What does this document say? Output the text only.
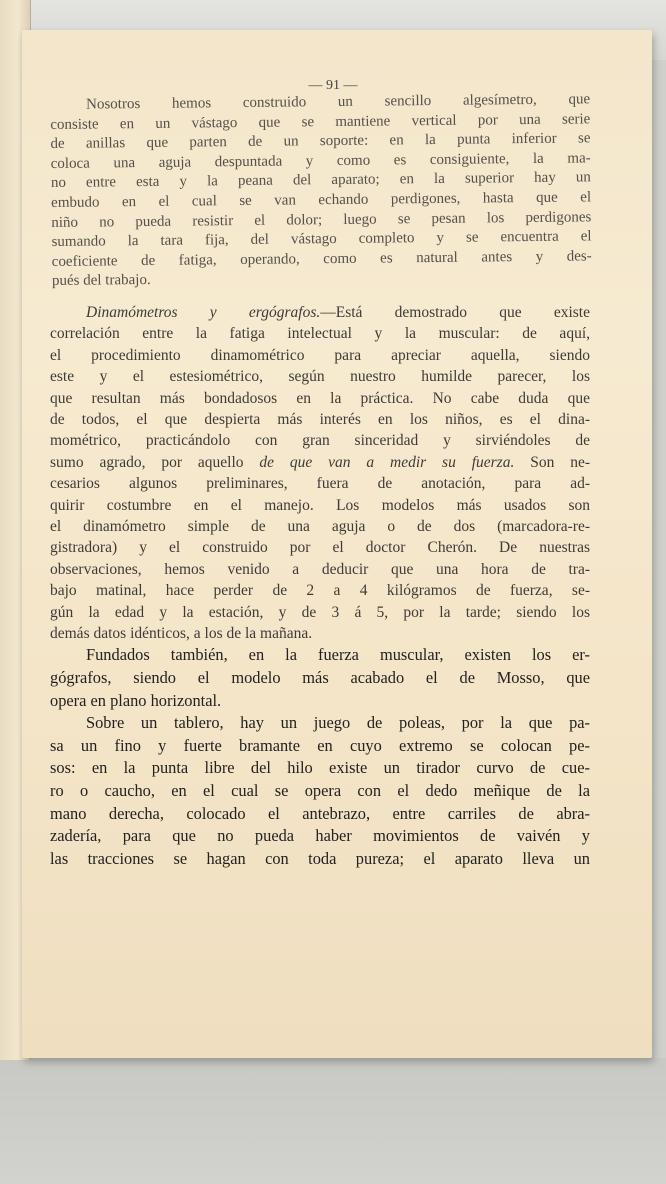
— 91 —
Nosotros hemos construido un sencillo algesímetro, que
consiste en un vástago que se mantiene vertical por una serie
de anillas que parten de un soporte: en la punta inferior se
coloca una aguja despuntada y como es consiguiente, la ma-
no entre esta y la peana del aparato; en la superior hay un
embudo en el cual se van echando perdigones, hasta que el
niño no pueda resistir el dolor; luego se pesan los perdigones
sumando la tara fija, del vástago completo y se encuentra el
coeficiente de fatiga, operando, como es natural antes y des-
pués del trabajo.
Dinamómetros y ergógrafos.—Está demostrado que existe
correlación entre la fatiga intelectual y la muscular: de aquí,
el procedimiento dinamométrico para apreciar aquella, siendo
este y el estesiométrico, según nuestro humilde parecer, los
que resultan más bondadosos en la práctica. No cabe duda que
de todos, el que despierta más interés en los niños, es el dina-
mométrico, practicándolo con gran sinceridad y sirviéndoles de
sumo agrado, por aquello de que van a medir su fuerza. Son ne-
cesarios algunos preliminares, fuera de anotación, para ad-
quirir costumbre en el manejo. Los modelos más usados son
el dinamómetro simple de una aguja o de dos (marcadora-re-
gistradora) y el construido por el doctor Cherón. De nuestras
observaciones, hemos venido a deducir que una hora de tra-
bajo matinal, hace perder de 2 a 4 kilógramos de fuerza, se-
gún la edad y la estación, y de 3 á 5, por la tarde; siendo los
demás datos idénticos, a los de la mañana.
Fundados también, en la fuerza muscular, existen los er-
gógrafos, siendo el modelo más acabado el de Mosso, que
opera en plano horizontal.
Sobre un tablero, hay un juego de poleas, por la que pa-
sa un fino y fuerte bramante en cuyo extremo se colocan pe-
sos: en la punta libre del hilo existe un tirador curvo de cue-
ro o caucho, en el cual se opera con el dedo meñique de la
mano derecha, colocado el antebrazo, entre carriles de abra-
zadería, para que no pueda haber movimientos de vaivén y
las tracciones se hagan con toda pureza; el aparato lleva un
